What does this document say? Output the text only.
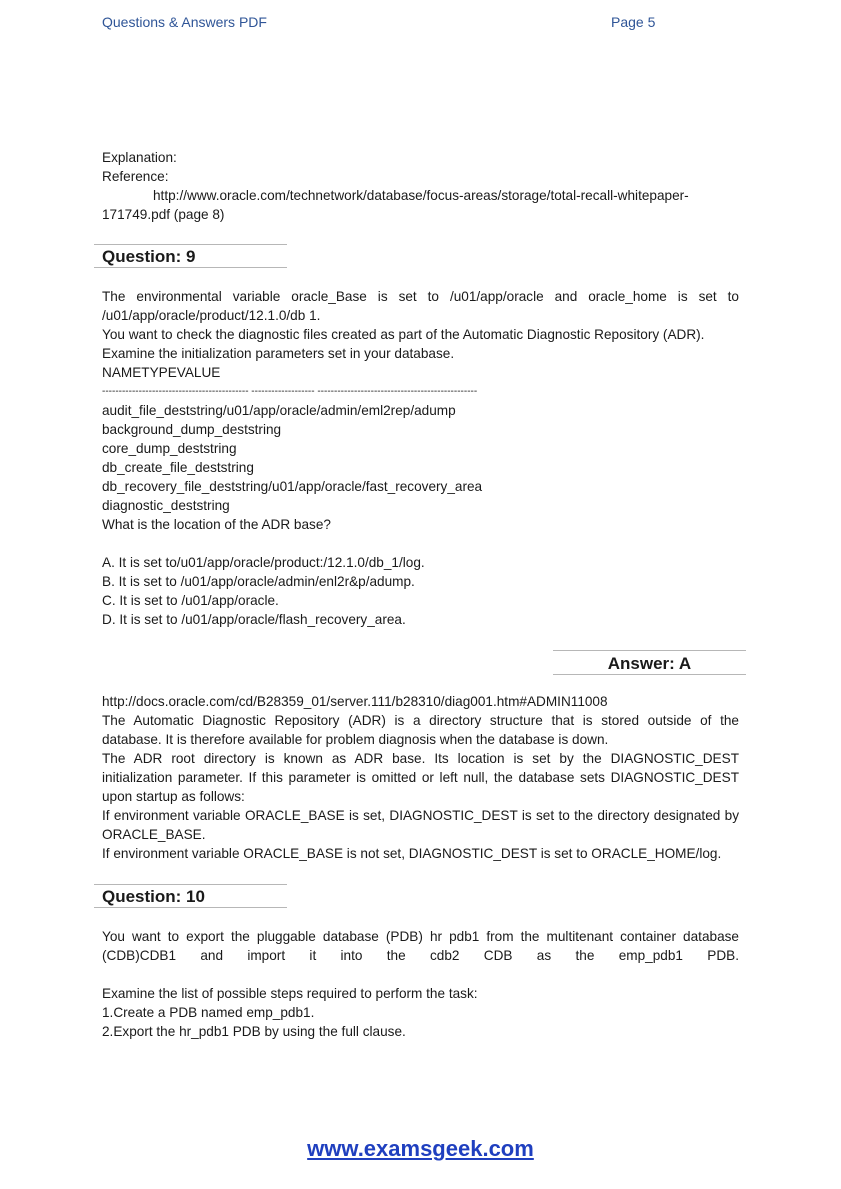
Questions & Answers PDF	Page 5
Explanation:
Reference:
http://www.oracle.com/technetwork/database/focus-areas/storage/total-recall-whitepaper-
171749.pdf (page 8)
Question: 9
The environmental variable oracle_Base is set to /u01/app/oracle and oracle_home is set to
/u01/app/oracle/product/12.1.0/db 1.
You want to check the diagnostic files created as part of the Automatic Diagnostic Repository (ADR).
Examine the initialization parameters set in your database.
NAMETYPEVALUE
-------------------------------------------- ------------------- ------------------------------------------------
audit_file_deststring/u01/app/oracle/admin/eml2rep/adump
background_dump_deststring
core_dump_deststring
db_create_file_deststring
db_recovery_file_deststring/u01/app/oracle/fast_recovery_area
diagnostic_deststring
What is the location of the ADR base?
A. It is set to/u01/app/oracle/product:/12.1.0/db_1/log.
B. It is set to /u01/app/oracle/admin/enl2r&p/adump.
C. It is set to /u01/app/oracle.
D. It is set to /u01/app/oracle/flash_recovery_area.
Answer: A
http://docs.oracle.com/cd/B28359_01/server.111/b28310/diag001.htm#ADMIN11008
The Automatic Diagnostic Repository (ADR) is a directory structure that is stored outside of the
database. It is therefore available for problem diagnosis when the database is down.
The ADR root directory is known as ADR base. Its location is set by the DIAGNOSTIC_DEST
initialization parameter. If this parameter is omitted or left null, the database sets DIAGNOSTIC_DEST
upon startup as follows:
If environment variable ORACLE_BASE is set, DIAGNOSTIC_DEST is set to the directory designated by
ORACLE_BASE.
If environment variable ORACLE_BASE is not set, DIAGNOSTIC_DEST is set to ORACLE_HOME/log.
Question: 10
You want to export the pluggable database (PDB) hr pdb1 from the multitenant container database
(CDB)CDB1 and import it into the cdb2 CDB as the emp_pdb1 PDB.
Examine the list of possible steps required to perform the task:
1.Create a PDB named emp_pdb1.
2.Export the hr_pdb1 PDB by using the full clause.
www.examsgeek.com
